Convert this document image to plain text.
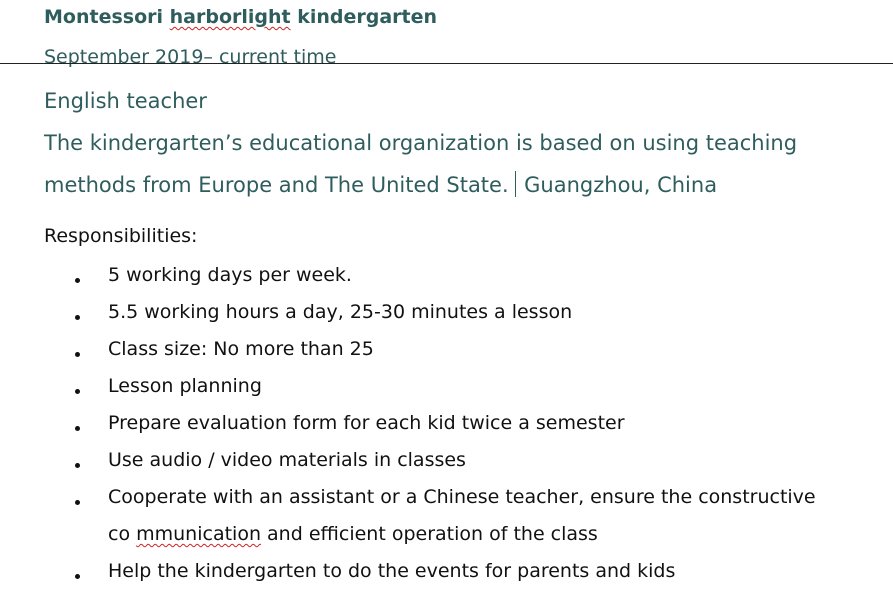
Montessori harborlight kindergarten
September 2019– current time
English teacher
The kindergarten’s educational organization is based on using teaching
methods from Europe and The United State. Guangzhou, China
Responsibilities:
5 working days per week.
5.5 working hours a day, 25-30 minutes a lesson
Class size: No more than 25
Lesson planning
Prepare evaluation form for each kid twice a semester
Use audio / video materials in classes
Cooperate with an assistant or a Chinese teacher, ensure the constructive
co mmunication and efficient operation of the class
Help the kindergarten to do the events for parents and kids
